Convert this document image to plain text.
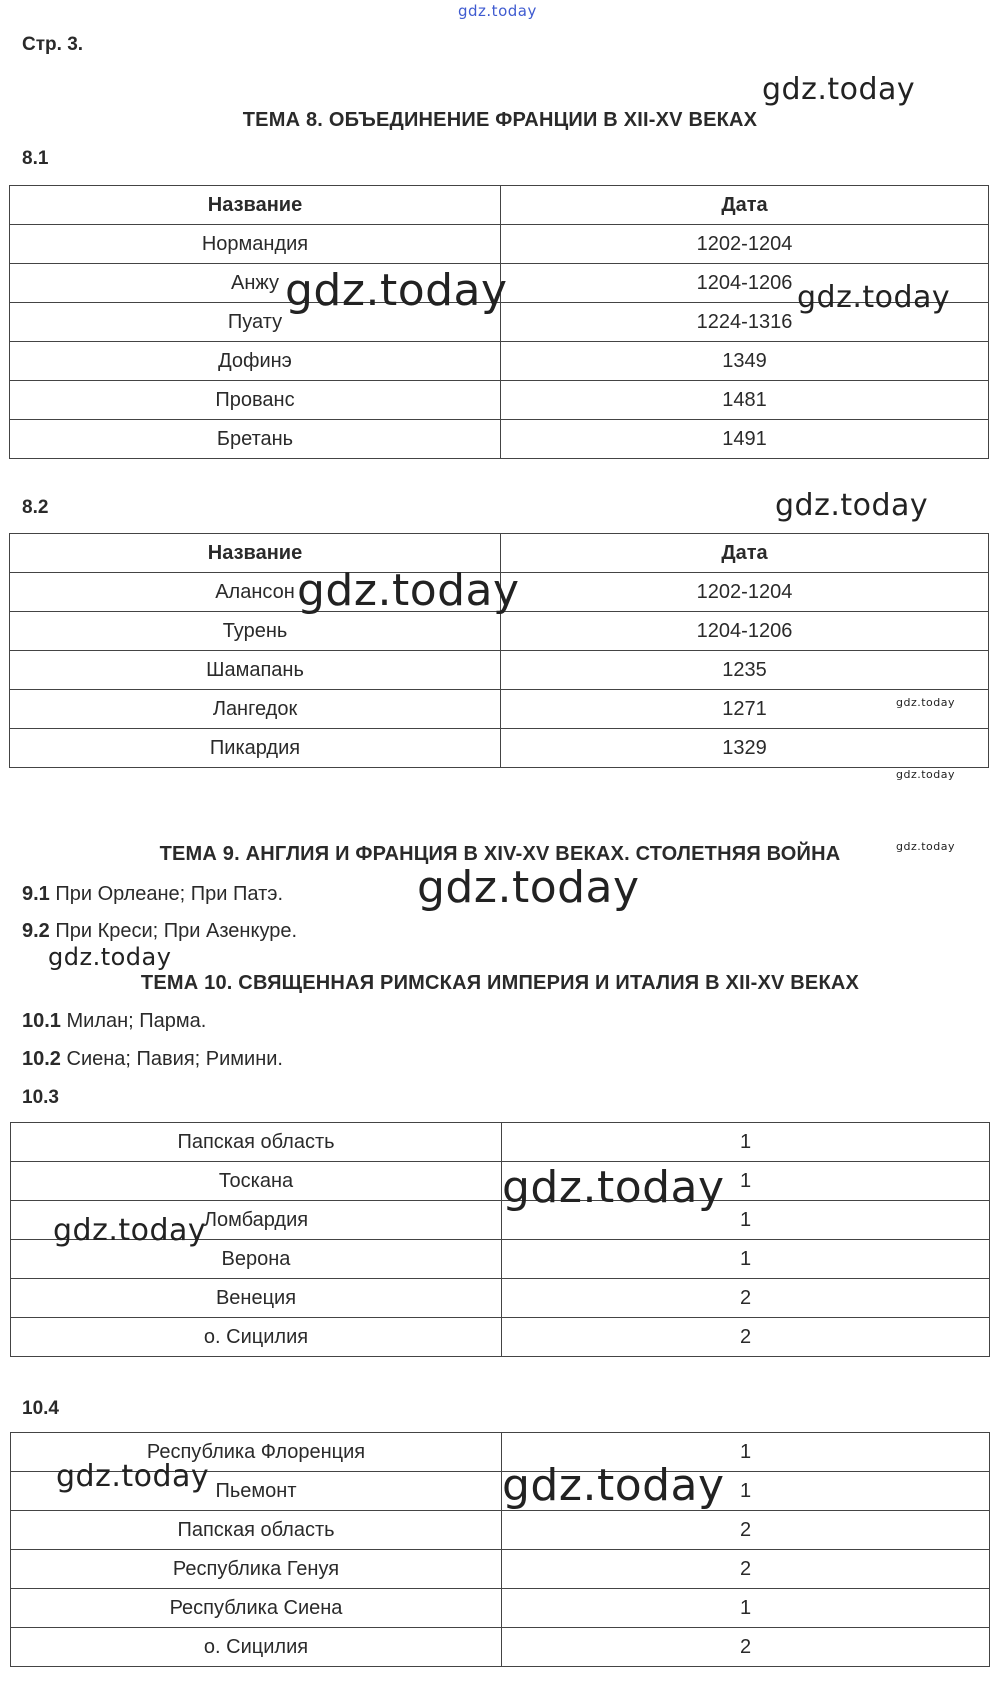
Стр. 3.
gdz.today
ТЕМА 8. ОБЪЕДИНЕНИЕ ФРАНЦИИ В XII-XV ВЕКАХ
8.1
Название	Дата
Нормандия	1202-1204
Анжу	1204-1206
Пуату	1224-1316
Дофинэ	1349
Прованс	1481
Бретань	1491
8.2
Название	Дата
Алансон	1202-1204
Турень	1204-1206
Шамапань	1235
Лангедок	1271
Пикардия	1329
ТЕМА 9. АНГЛИЯ И ФРАНЦИЯ В XIV-XV ВЕКАХ. СТОЛЕТНЯЯ ВОЙНА
9.1 При Орлеане; При Патэ.
9.2 При Креси; При Азенкуре.
ТЕМА 10. СВЯЩЕННАЯ РИМСКАЯ ИМПЕРИЯ И ИТАЛИЯ В XII-XV ВЕКАХ
10.1 Милан; Парма.
10.2 Сиена; Павия; Римини.
10.3
Папская область	1
Тоскана	1
Ломбардия	1
Верона	1
Венеция	2
о. Сицилия	2
10.4
Республика Флоренция	1
Пьемонт	1
Папская область	2
Республика Генуя	2
Республика Сиена	1
о. Сицилия	2
gdz.today
gdz.today	gdz.today
gdz.today
gdz.today
gdz.today
gdz.today
gdz.today
gdz.today
gdz.today
gdz.today
gdz.today
gdz.today	gdz.today
